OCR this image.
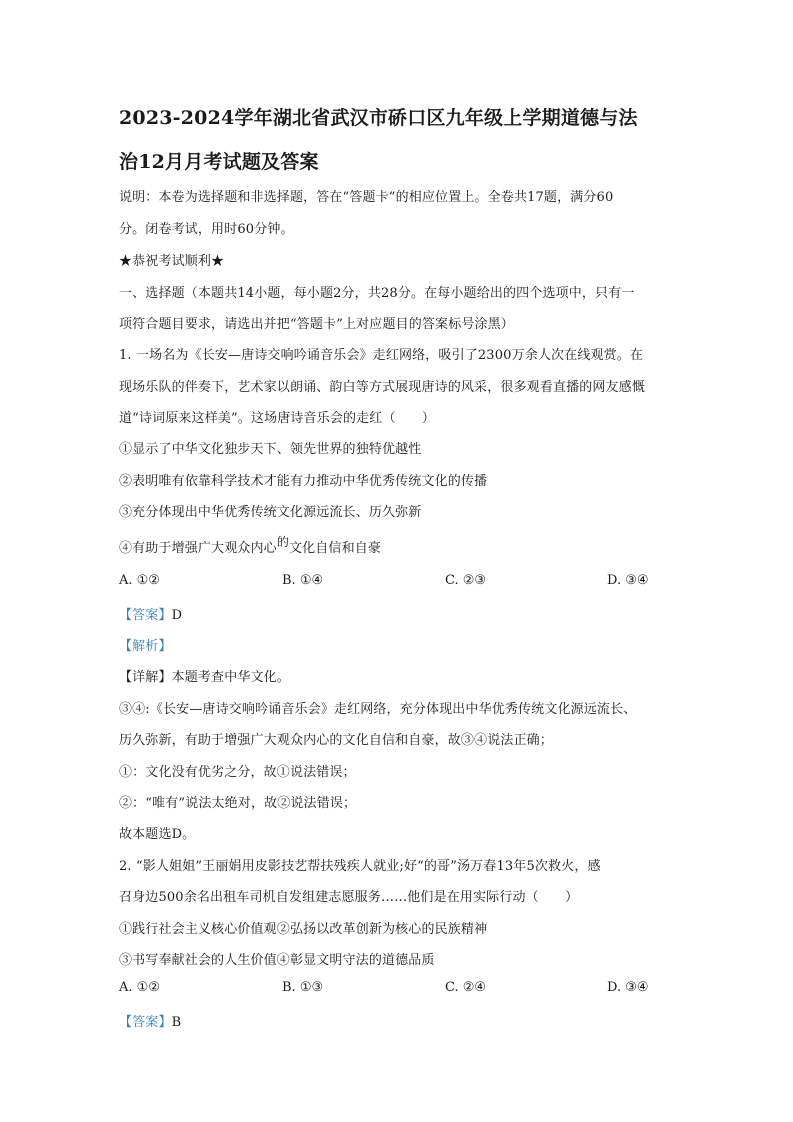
2023-2024学年湖北省武汉市硚口区九年级上学期道德与法
治12月月考试题及答案
说明：本卷为选择题和非选择题，答在“答题卡”的相应位置上。全卷共17题，满分60
分。闭卷考试，用时60分钟。
★恭祝考试顺利★
一、选择题（本题共14小题，每小题2分，共28分。在每小题给出的四个选项中，只有一
项符合题目要求，请选出并把“答题卡”上对应题目的答案标号涂黑）
1. 一场名为《长安—唐诗交响吟诵音乐会》走红网络，吸引了2300万余人次在线观赏。在
现场乐队的伴奏下，艺术家以朗诵、韵白等方式展现唐诗的风采，很多观看直播的网友感慨
道“诗词原来这样美”。这场唐诗音乐会的走红（　　）
①显示了中华文化独步天下、领先世界的独特优越性
②表明唯有依靠科学技术才能有力推动中华优秀传统文化的传播
③充分体现出中华优秀传统文化源远流长、历久弥新
④有助于增强广大观众内心的文化自信和自豪
A. ①②	B. ①④	C. ②③	D. ③④
【答案】D
【解析】
【详解】本题考查中华文化。
③④:《长安—唐诗交响吟诵音乐会》走红网络，充分体现出中华优秀传统文化源远流长、
历久弥新，有助于增强广大观众内心的文化自信和自豪，故③④说法正确；
①：文化没有优劣之分，故①说法错误；
②：“唯有”说法太绝对，故②说法错误；
故本题选D。
2. “影人姐姐”王丽娟用皮影技艺帮扶残疾人就业;好“的哥”汤万春13年5次救火，感
召身边500余名出租车司机自发组建志愿服务……他们是在用实际行动（　　）
①践行社会主义核心价值观②弘扬以改革创新为核心的民族精神
③书写奉献社会的人生价值④彰显文明守法的道德品质
A. ①②	B. ①③	C. ②④	D. ③④
【答案】B
